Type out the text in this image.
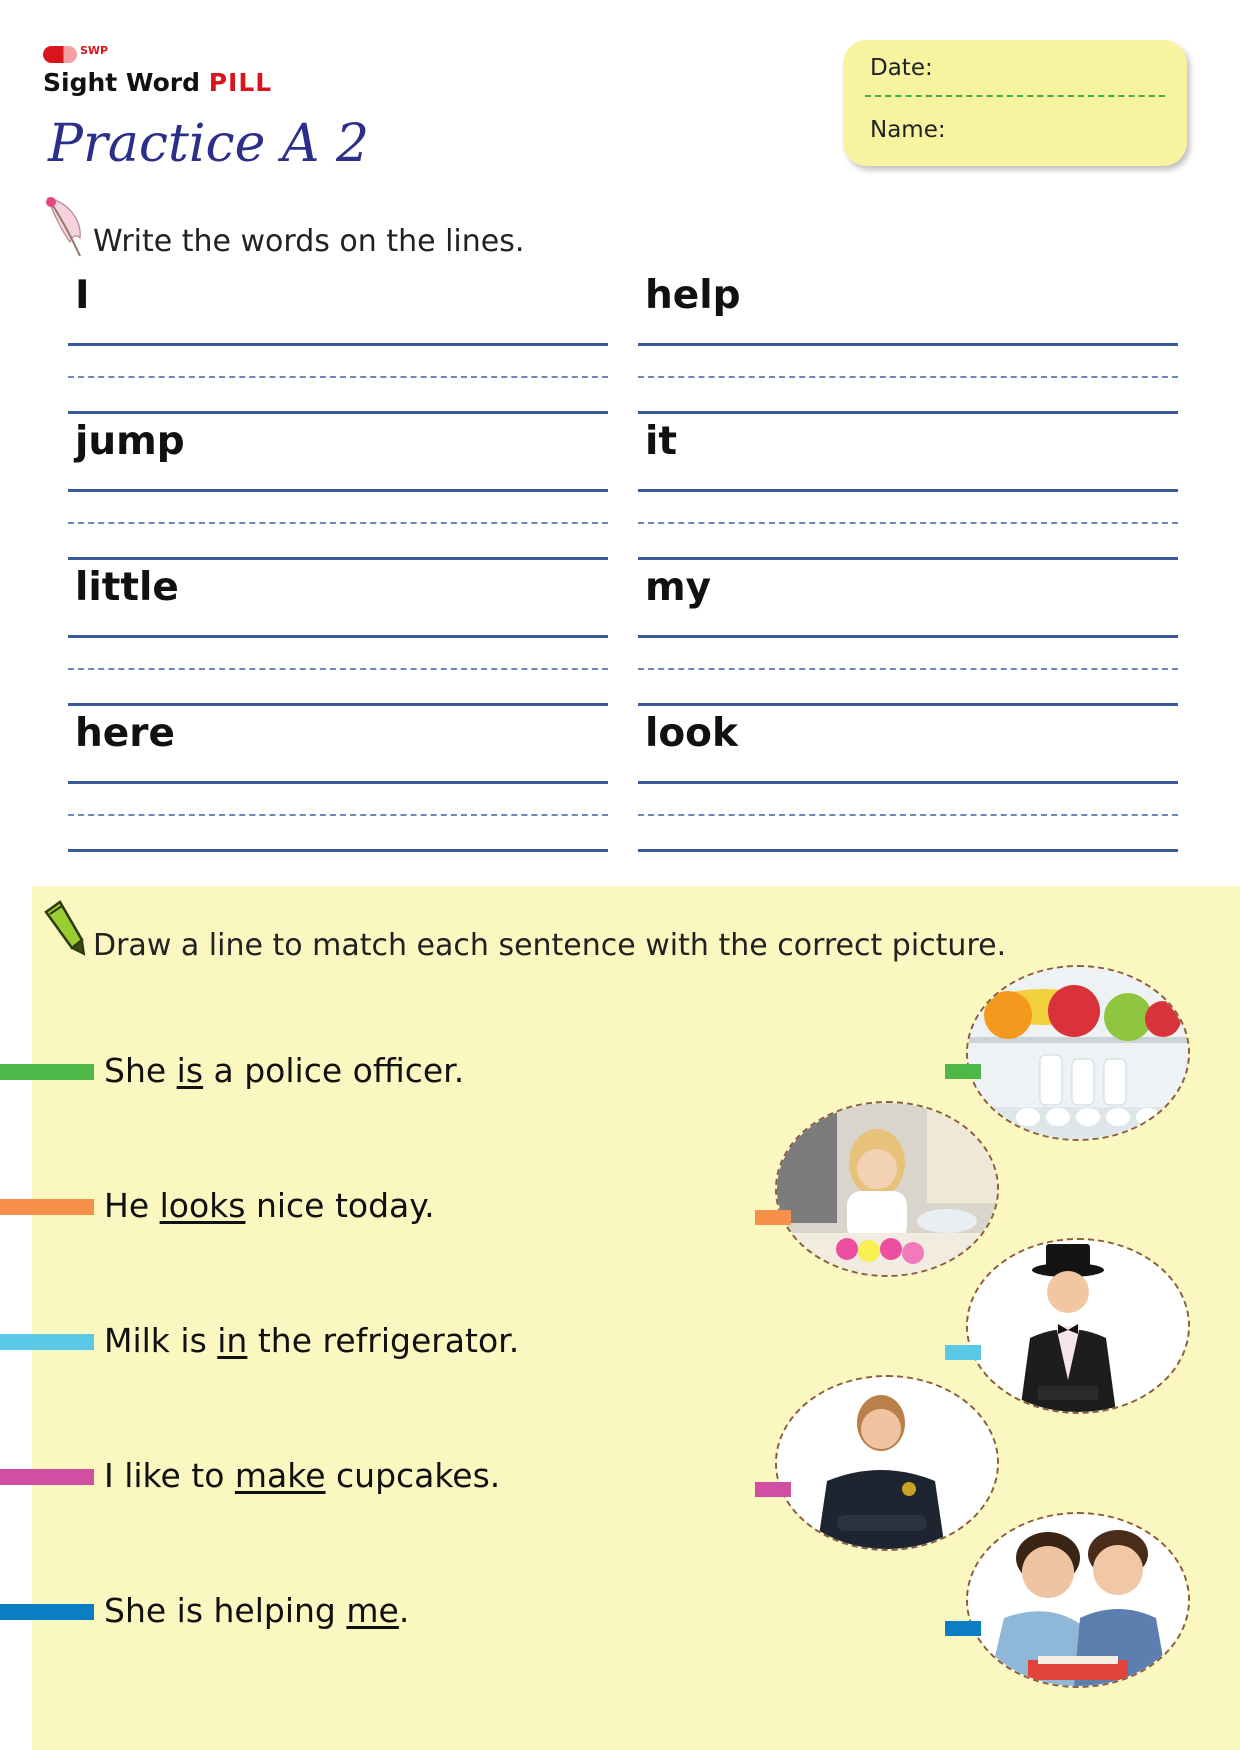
SWP
Sight Word PILL
Practice A 2
Date:
Name:
Write the words on the lines.
I	help
jump	it
little	my
here	look
Draw a line to match each sentence with the correct picture.
She is a police officer.
He looks nice today.
Milk is in the refrigerator.
I like to make cupcakes.
She is helping me.
